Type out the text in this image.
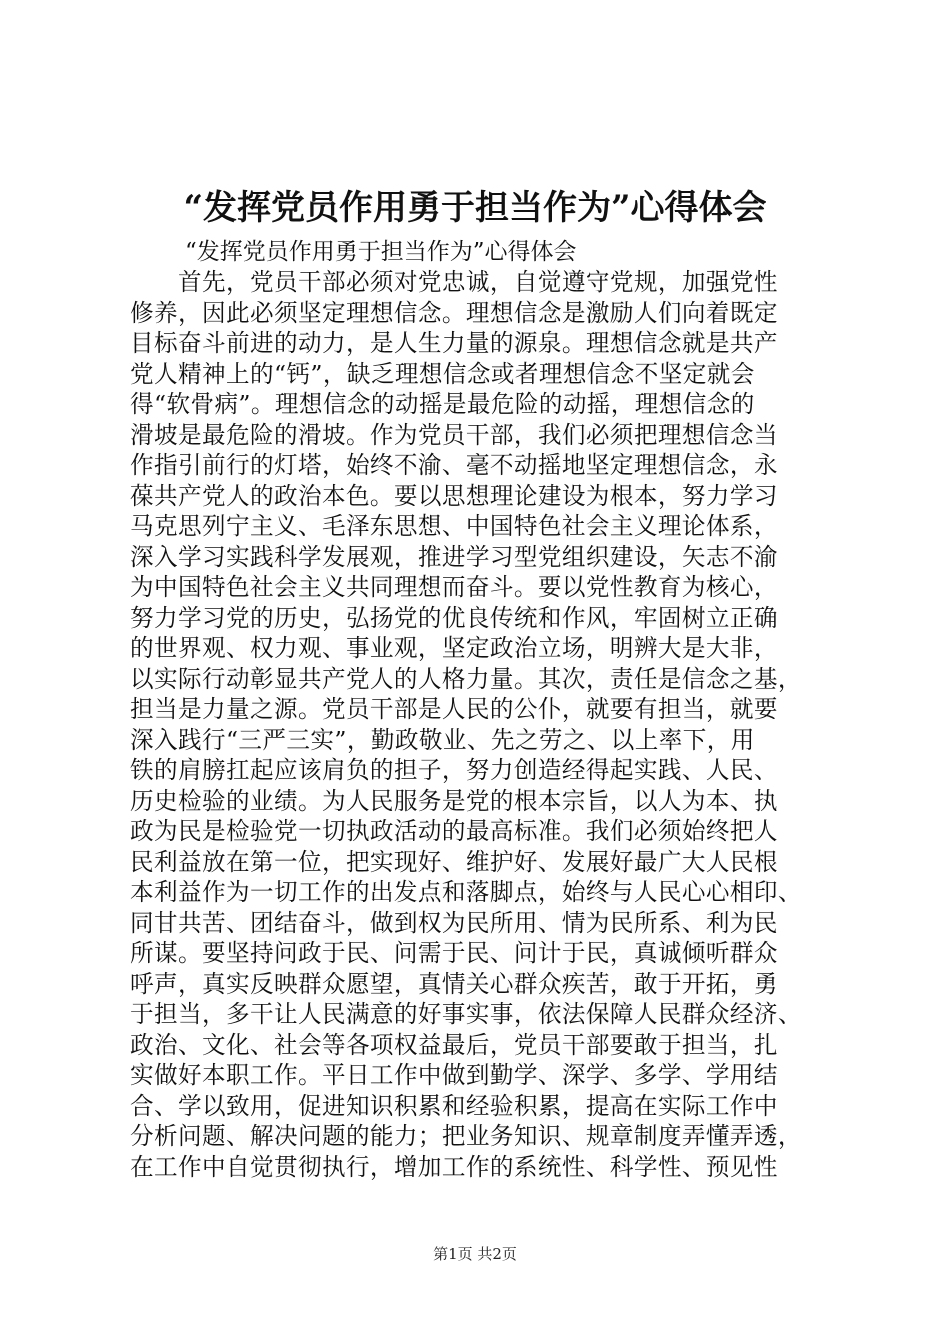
“发挥党员作用勇于担当作为”心得体会

“发挥党员作用勇于担当作为”心得体会

　　首先，党员干部必须对党忠诚，自觉遵守党规，加强党性
修养，因此必须坚定理想信念。理想信念是激励人们向着既定
目标奋斗前进的动力，是人生力量的源泉。理想信念就是共产
党人精神上的“钙”，缺乏理想信念或者理想信念不坚定就会
得“软骨病”。理想信念的动摇是最危险的动摇，理想信念的
滑坡是最危险的滑坡。作为党员干部，我们必须把理想信念当
作指引前行的灯塔，始终不渝、毫不动摇地坚定理想信念，永
葆共产党人的政治本色。要以思想理论建设为根本，努力学习
马克思列宁主义、毛泽东思想、中国特色社会主义理论体系，
深入学习实践科学发展观，推进学习型党组织建设，矢志不渝
为中国特色社会主义共同理想而奋斗。要以党性教育为核心，
努力学习党的历史，弘扬党的优良传统和作风，牢固树立正确
的世界观、权力观、事业观，坚定政治立场，明辨大是大非，
以实际行动彰显共产党人的人格力量。其次，责任是信念之基，
担当是力量之源。党员干部是人民的公仆，就要有担当，就要
深入践行“三严三实”，勤政敬业、先之劳之、以上率下，用
铁的肩膀扛起应该肩负的担子，努力创造经得起实践、人民、
历史检验的业绩。为人民服务是党的根本宗旨，以人为本、执
政为民是检验党一切执政活动的最高标准。我们必须始终把人
民利益放在第一位，把实现好、维护好、发展好最广大人民根
本利益作为一切工作的出发点和落脚点，始终与人民心心相印、
同甘共苦、团结奋斗，做到权为民所用、情为民所系、利为民
所谋。要坚持问政于民、问需于民、问计于民，真诚倾听群众
呼声，真实反映群众愿望，真情关心群众疾苦，敢于开拓，勇
于担当，多干让人民满意的好事实事，依法保障人民群众经济、
政治、文化、社会等各项权益最后，党员干部要敢于担当，扎
实做好本职工作。平日工作中做到勤学、深学、多学、学用结
合、学以致用，促进知识积累和经验积累，提高在实际工作中
分析问题、解决问题的能力；把业务知识、规章制度弄懂弄透，
在工作中自觉贯彻执行，增加工作的系统性、科学性、预见性
第1页 共2页
